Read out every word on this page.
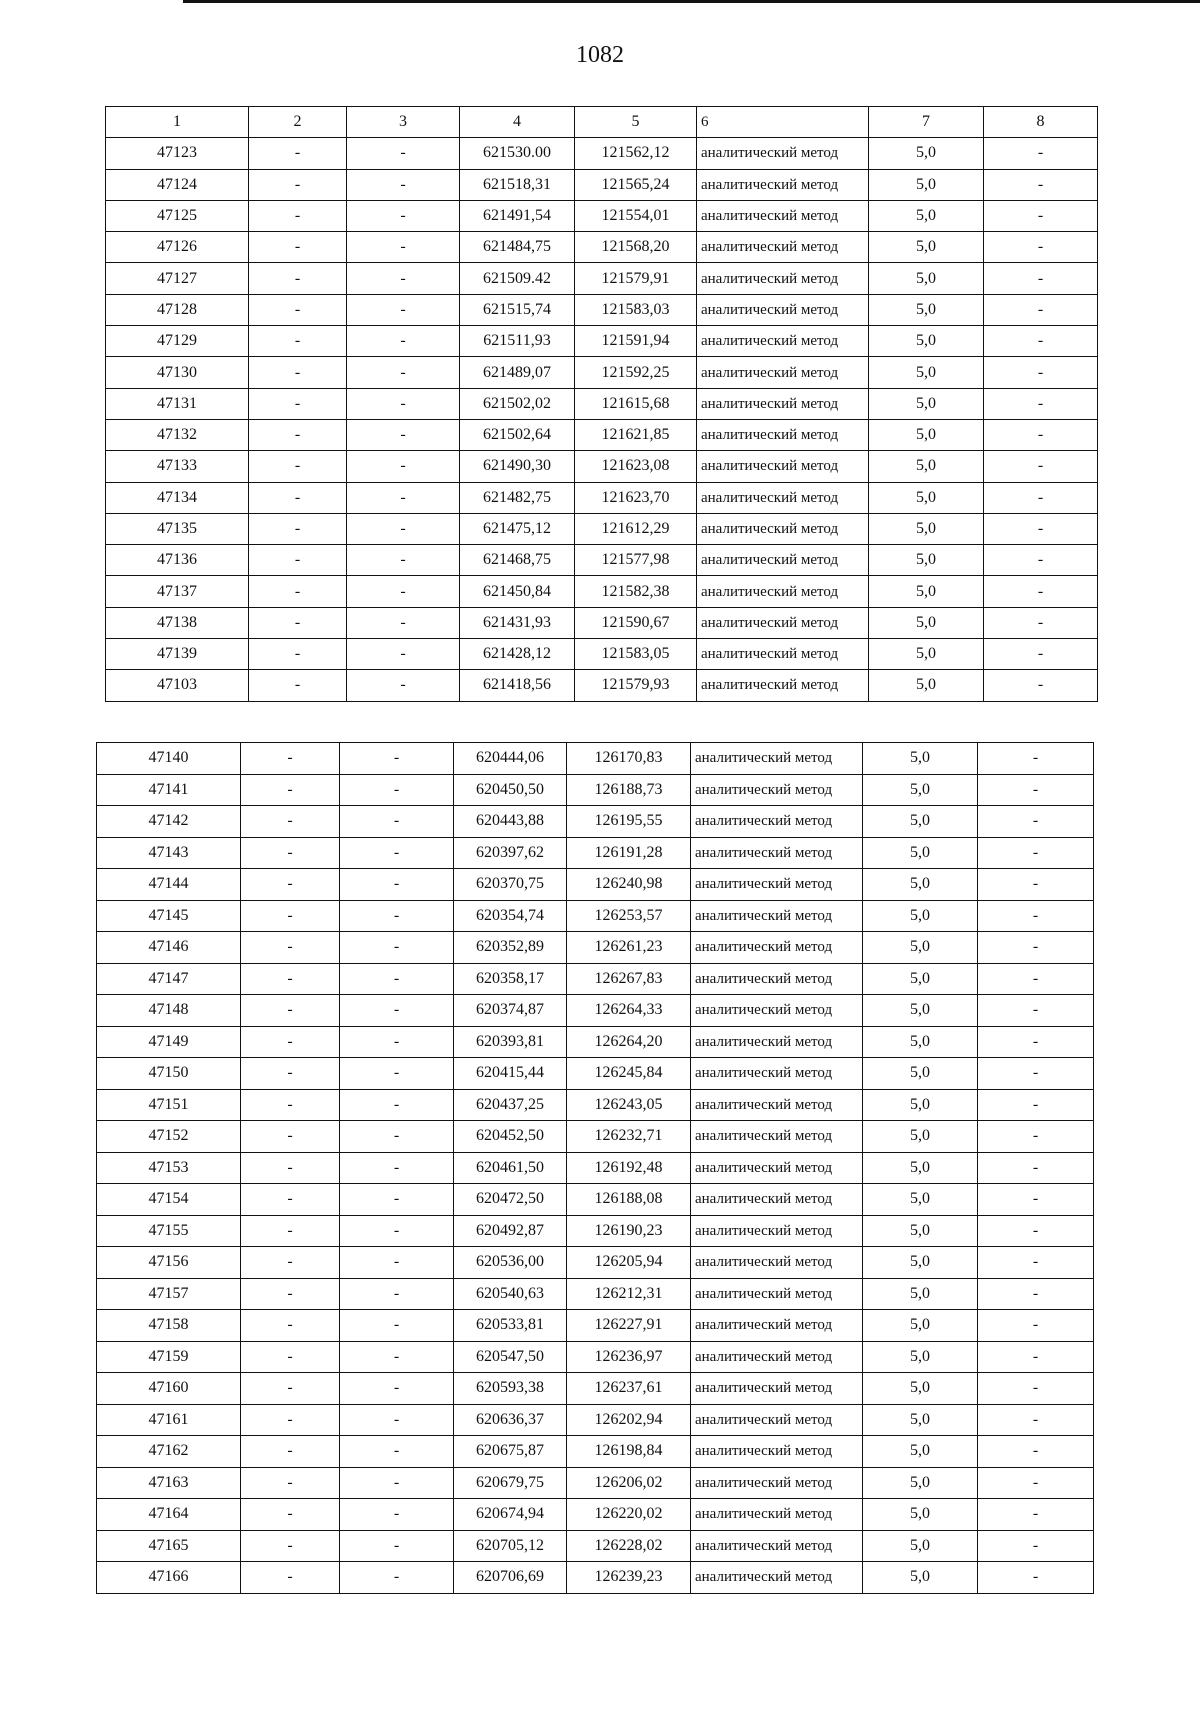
1082
1	2	3	4	5	6	7	8
47123	-	-	621530.00	121562,12	аналитический метод	5,0	-
47124	-	-	621518,31	121565,24	аналитический метод	5,0	-
47125	-	-	621491,54	121554,01	аналитический метод	5,0	-
47126	-	-	621484,75	121568,20	аналитический метод	5,0	-
47127	-	-	621509.42	121579,91	аналитический метод	5,0	-
47128	-	-	621515,74	121583,03	аналитический метод	5,0	-
47129	-	-	621511,93	121591,94	аналитический метод	5,0	-
47130	-	-	621489,07	121592,25	аналитический метод	5,0	-
47131	-	-	621502,02	121615,68	аналитический метод	5,0	-
47132	-	-	621502,64	121621,85	аналитический метод	5,0	-
47133	-	-	621490,30	121623,08	аналитический метод	5,0	-
47134	-	-	621482,75	121623,70	аналитический метод	5,0	-
47135	-	-	621475,12	121612,29	аналитический метод	5,0	-
47136	-	-	621468,75	121577,98	аналитический метод	5,0	-
47137	-	-	621450,84	121582,38	аналитический метод	5,0	-
47138	-	-	621431,93	121590,67	аналитический метод	5,0	-
47139	-	-	621428,12	121583,05	аналитический метод	5,0	-
47103	-	-	621418,56	121579,93	аналитический метод	5,0	-
47140	-	-	620444,06	126170,83	аналитический метод	5,0	-
47141	-	-	620450,50	126188,73	аналитический метод	5,0	-
47142	-	-	620443,88	126195,55	аналитический метод	5,0	-
47143	-	-	620397,62	126191,28	аналитический метод	5,0	-
47144	-	-	620370,75	126240,98	аналитический метод	5,0	-
47145	-	-	620354,74	126253,57	аналитический метод	5,0	-
47146	-	-	620352,89	126261,23	аналитический метод	5,0	-
47147	-	-	620358,17	126267,83	аналитический метод	5,0	-
47148	-	-	620374,87	126264,33	аналитический метод	5,0	-
47149	-	-	620393,81	126264,20	аналитический метод	5,0	-
47150	-	-	620415,44	126245,84	аналитический метод	5,0	-
47151	-	-	620437,25	126243,05	аналитический метод	5,0	-
47152	-	-	620452,50	126232,71	аналитический метод	5,0	-
47153	-	-	620461,50	126192,48	аналитический метод	5,0	-
47154	-	-	620472,50	126188,08	аналитический метод	5,0	-
47155	-	-	620492,87	126190,23	аналитический метод	5,0	-
47156	-	-	620536,00	126205,94	аналитический метод	5,0	-
47157	-	-	620540,63	126212,31	аналитический метод	5,0	-
47158	-	-	620533,81	126227,91	аналитический метод	5,0	-
47159	-	-	620547,50	126236,97	аналитический метод	5,0	-
47160	-	-	620593,38	126237,61	аналитический метод	5,0	-
47161	-	-	620636,37	126202,94	аналитический метод	5,0	-
47162	-	-	620675,87	126198,84	аналитический метод	5,0	-
47163	-	-	620679,75	126206,02	аналитический метод	5,0	-
47164	-	-	620674,94	126220,02	аналитический метод	5,0	-
47165	-	-	620705,12	126228,02	аналитический метод	5,0	-
47166	-	-	620706,69	126239,23	аналитический метод	5,0	-
